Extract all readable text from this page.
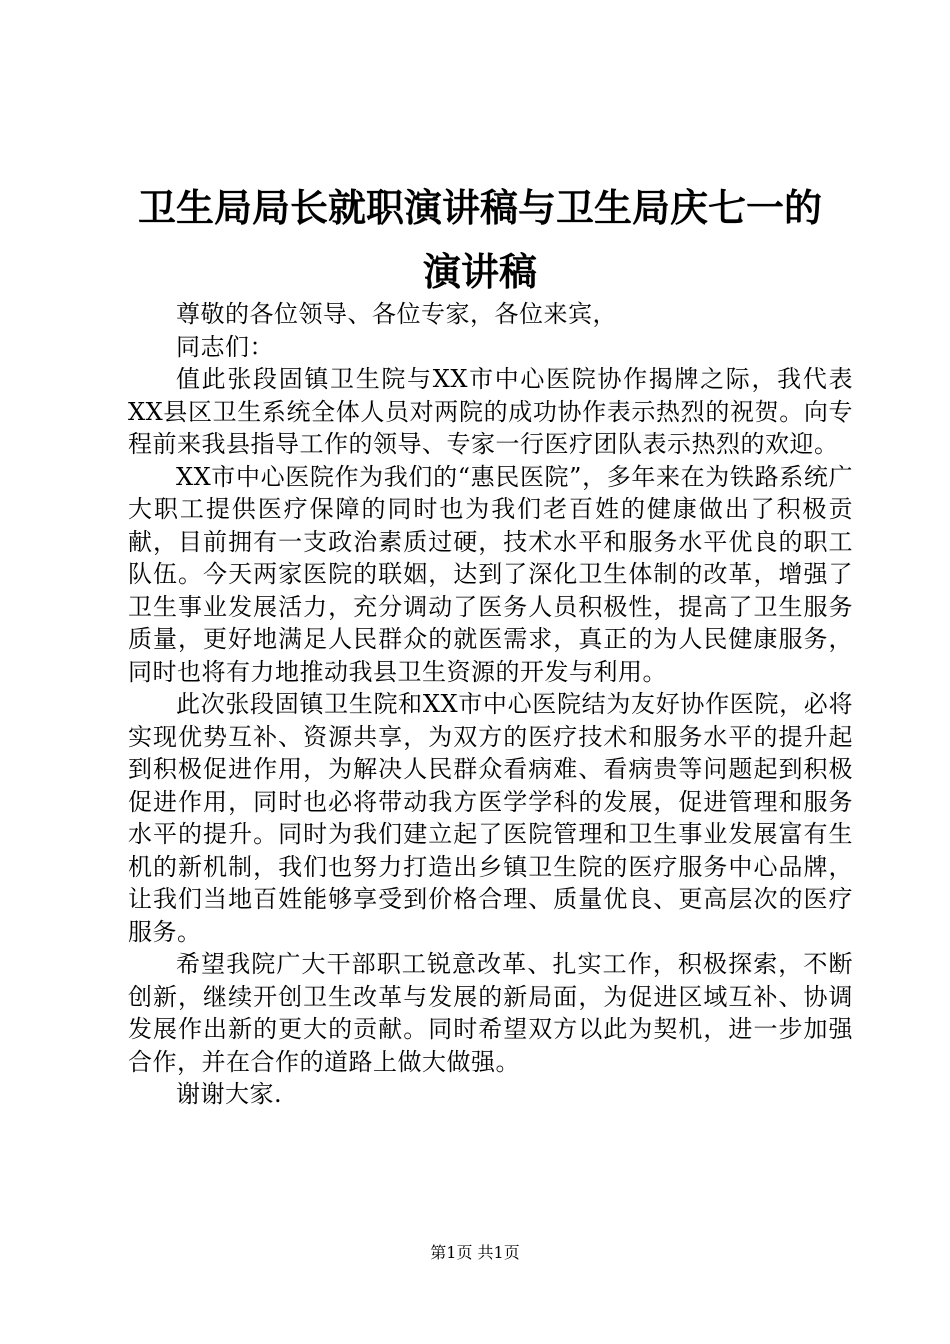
卫生局局长就职演讲稿与卫生局庆七一的演讲稿

尊敬的各位领导、各位专家，各位来宾，

同志们：

值此张段固镇卫生院与XX市中心医院协作揭牌之际，我代表XX县区卫生系统全体人员对两院的成功协作表示热烈的祝贺。向专程前来我县指导工作的领导、专家一行医疗团队表示热烈的欢迎。

XX市中心医院作为我们的“惠民医院”，多年来在为铁路系统广大职工提供医疗保障的同时也为我们老百姓的健康做出了积极贡献，目前拥有一支政治素质过硬，技术水平和服务水平优良的职工队伍。今天两家医院的联姻，达到了深化卫生体制的改革，增强了卫生事业发展活力，充分调动了医务人员积极性，提高了卫生服务质量，更好地满足人民群众的就医需求，真正的为人民健康服务，同时也将有力地推动我县卫生资源的开发与利用。

此次张段固镇卫生院和XX市中心医院结为友好协作医院，必将实现优势互补、资源共享，为双方的医疗技术和服务水平的提升起到积极促进作用，为解决人民群众看病难、看病贵等问题起到积极促进作用，同时也必将带动我方医学学科的发展，促进管理和服务水平的提升。同时为我们建立起了医院管理和卫生事业发展富有生机的新机制，我们也努力打造出乡镇卫生院的医疗服务中心品牌，让我们当地百姓能够享受到价格合理、质量优良、更高层次的医疗服务。

希望我院广大干部职工锐意改革、扎实工作，积极探索，不断创新，继续开创卫生改革与发展的新局面，为促进区域互补、协调发展作出新的更大的贡献。同时希望双方以此为契机，进一步加强合作，并在合作的道路上做大做强。

谢谢大家.

第1页 共1页
